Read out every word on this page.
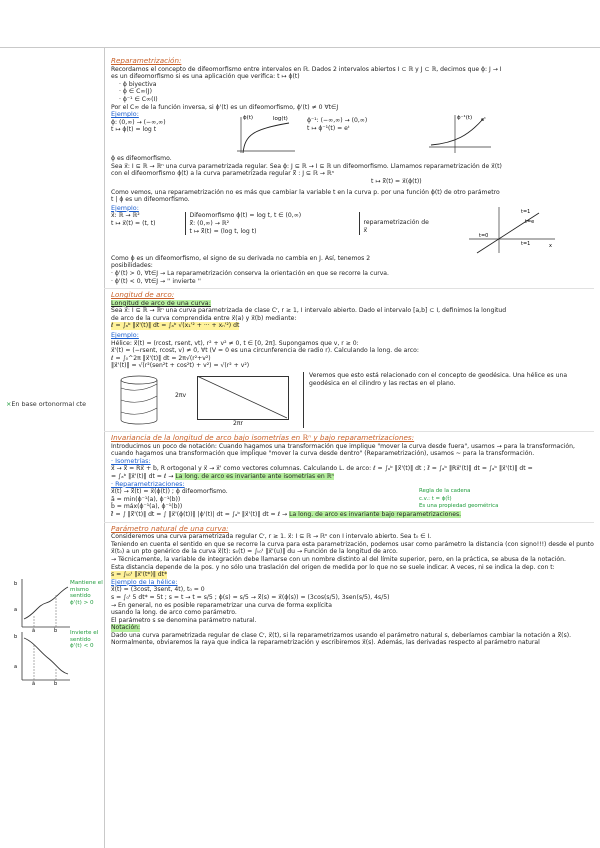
×En base ortonormal cte
b
a
ã	b̃
Mantiene el mismo sentido
ϕ'(t) > 0
b
a
ã	b̃
Invierte el sentido
ϕ'(t) < 0
Reparametrización:
Recordamos el concepto de difeomorfismo entre intervalos en ℝ. Dados 2 intervalos abiertos I ⊂ ℝ y J ⊂ ℝ, decimos que ϕ: J → I
es un difeomorfismo si es una aplicación que verifica: t ↦ ϕ(t)
· ϕ biyectiva
· ϕ ∈ C∞(J)
· ϕ⁻¹ ∈ C∞(I)
Por el C∞ de la función inversa, si ϕ'(t) es un difeomorfismo, ϕ'(t) ≠ 0 ∀t∈J
Ejemplo:
ϕ: (0,∞) → (−∞,∞)
t ↦ ϕ(t) = log t
ϕ(t)	log(t)	ϕ⁻¹: (−∞,∞) → (0,∞)
t ↦ ϕ⁻¹(t) = eᵗ
ϕ⁻¹(t) eᵗ
ϕ es difeomorfismo.
Sea x⃗: I ⊆ ℝ → ℝⁿ una curva parametrizada regular. Sea ϕ: J ⊆ ℝ → I ⊆ ℝ un difeomorfismo. Llamamos reparametrización de x⃗(t)
con el difeomorfismo ϕ(t) a la curva parametrizada regular x̃⃗ : J ⊆ ℝ → ℝⁿ
t ↦ x̃⃗(t) = x⃗(ϕ(t))
Como vemos, una reparametrización no es más que cambiar la variable t en la curva p. por una función ϕ(t) de otro parámetro
t | ϕ es un difeomorfismo.
Ejemplo:
x⃗: ℝ → ℝ²
t ↦ x⃗(t) = (t, t)
Difeomorfismo ϕ(t) = log t, t ∈ (0,∞)
x̃⃗: (0,∞) → ℝ²
t ↦ x̃⃗(t) = (log t, log t)
reparametrización de x⃗
t=1
t=e
t=0
t=1	x
Como ϕ es un difeomorfismo, el signo de su derivada no cambia en J. Así, tenemos 2
posibilidades:
· ϕ'(t) > 0, ∀t∈J → La reparametrización conserva la orientación en que se recorre la curva.
· ϕ'(t) < 0, ∀t∈J → '' invierte ''
Longitud de arco:
Longitud de arco de una curva:
Sea x⃗: I ⊆ ℝ → ℝⁿ una curva parametrizada de clase Cʳ, r ≥ 1, I intervalo abierto. Dado el intervalo [a,b] ⊂ I, definimos la longitud
de arco de la curva comprendida entre x⃗(a) y x⃗(b) mediante:
ℓ = ∫ₐᵇ ‖x⃗'(t)‖ dt = ∫ₐᵇ √(x₁'² + ··· + xₙ'²) dt
Ejemplo:
Hélice: x⃗(t) = (rcost, rsent, vt), r² + v² ≠ 0, t ∈ [0, 2π]. Supongamos que v, r ≥ 0:
x⃗'(t) = (−rsent, rcost, v) ≠ 0⃗, ∀t (V = 0 es una circunferencia de radio r). Calculando la long. de arco:
ℓ = ∫₀^2π ‖x⃗'(t)‖ dt = 2π√(r²+v²)
‖x⃗'(t)‖ = √(r²(sen²t + cos²t) + v²) = √(r² + v²)
2πv
2πr
Veremos que esto está relacionado con el concepto de geodésica. Una hélice es una geodésica en el cilindro y las rectas en el plano.
Invariancia de la longitud de arco bajo isometrías en ℝⁿ y bajo reparametrizaciones:
Introducimos un poco de notación: Cuando hagamos una transformación que implique "mover la curva desde fuera", usamos → para la transformación,
cuando hagamos una transformación que implique "mover la curva desde dentro" (Reparametrización), usamos ~ para la transformación.
· Isometrías:
x⃗ → x̄⃗ = Rx⃗ + b⃗, R ortogonal y x⃗ → x⃗' como vectores columnas. Calculando L. de arco: ℓ = ∫ₐᵇ ‖x̄⃗'(t)‖ dt ; ℓ̄ = ∫ₐᵇ ‖Rx⃗'(t)‖ dt = ∫ₐᵇ ‖x⃗'(t)‖ dt =
= ∫ₐᵇ ‖x⃗'(t)‖ dt = ℓ → La long. de arco es invariante ante isometrías en ℝⁿ
· Reparametrizaciones:
x⃗(t) → x̃⃗(t) = x⃗(ϕ(t)) ; ϕ difeomorfismo.
ã = min(ϕ⁻¹(a), ϕ⁻¹(b))
b̃ = máx(ϕ⁻¹(a), ϕ⁻¹(b))
Regla de la cadena
c.v.: t = ϕ(t̃)
Es una propiedad geométrica
ℓ̃ = ∫ ‖x̃⃗'(t̃)‖ dt̃ = ∫ ‖x⃗'(ϕ(t̃))‖ |ϕ'(t̃)| dt̃ = ∫ₐᵇ ‖x⃗'(t)‖ dt = ℓ → La long. de arco es invariante bajo reparametrizaciones.
Parámetro natural de una curva:
Consideremos una curva parametrizada regular Cʳ, r ≥ 1. x⃗: I ⊆ ℝ → ℝⁿ con I intervalo abierto. Sea t₀ ∈ I.
Teniendo en cuenta el sentido en que se recorre la curva para esta parametrización, podemos usar como parámetro la distancia (con signo!!!) desde el punto
x⃗(t₀) a un pto genérico de la curva x⃗(t): s₀(t) = ∫ₜ₀ᵗ ‖x⃗'(u)‖ du → Función de la longitud de arco.
→ Técnicamente, la variable de integración debe llamarse con un nombre distinto al del límite superior, pero, en la práctica, se abusa de la notación.
Esta distancia depende de la pos. y no sólo una traslación del origen de medida por lo que no se suele indicar. A veces, ni se indica la dep. con t:
s = ∫ₜ₀ᵗ ‖x⃗'(t*)‖ dt*
Ejemplo de la hélice:
x⃗(t) = (3cost, 3sent, 4t), t₀ = 0
s = ∫₀ᵗ 5 dt* = 5t ; s = t → t = s/5 ; ϕ(s) = s/5 → x̃⃗(s) = x⃗(ϕ(s)) = (3cos(s/5), 3sen(s/5), 4s/5)
→ En general, no es posible reparametrizar una curva de forma explícita
usando la long. de arco como parámetro.
El parámetro s se denomina parámetro natural.
Notación:
Dado una curva parametrizada regular de clase Cʳ, x⃗(t), si la reparametrizamos usando el parámetro natural s, deberíamos cambiar la notación a x̃⃗(s). Normalmente, obviaremos la raya que indica la reparametrización y escribiremos x⃗(s). Además, las derivadas respecto al parámetro natural
